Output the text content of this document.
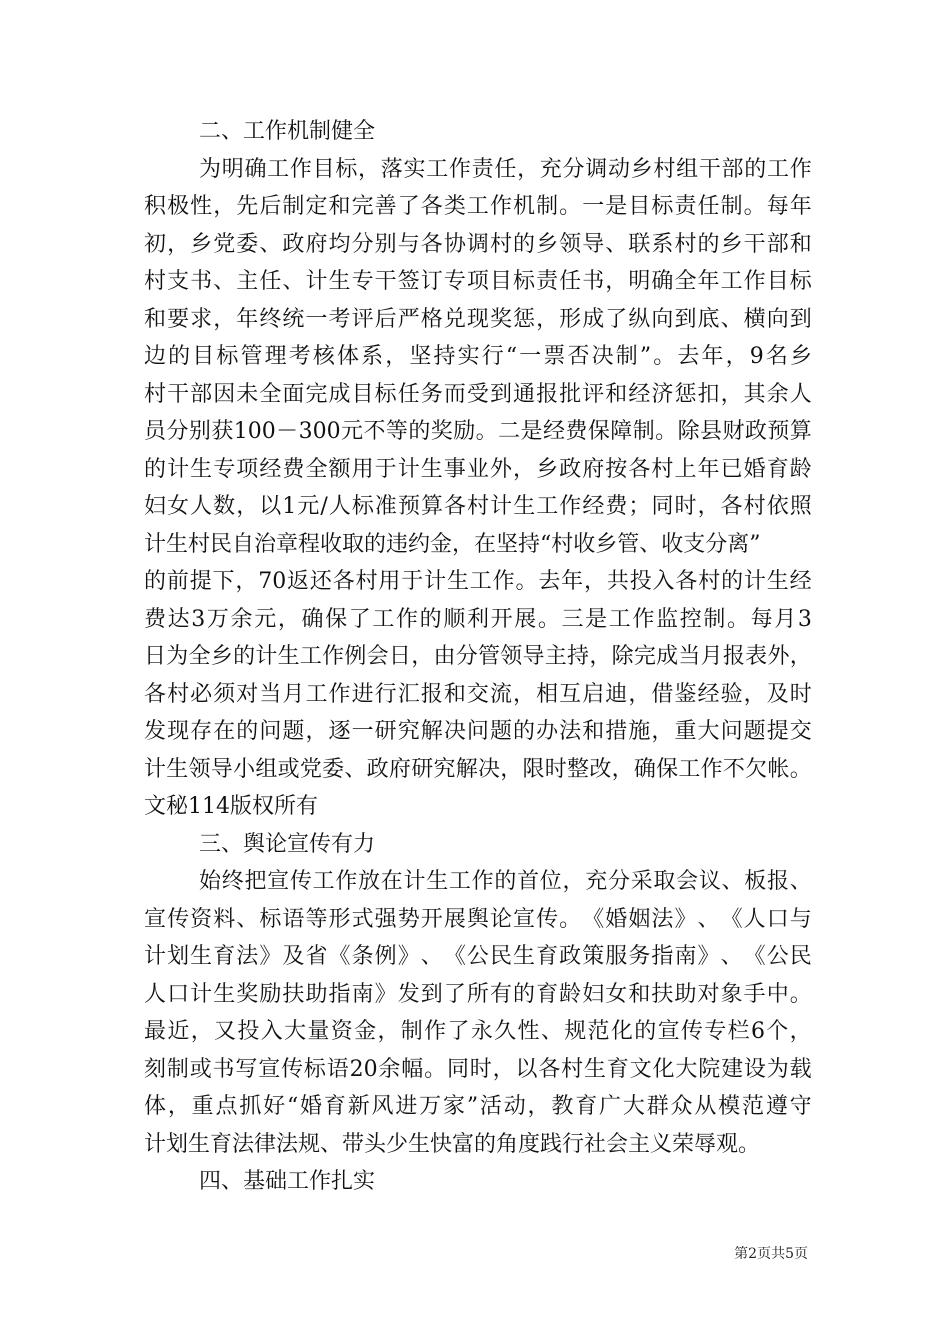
二、工作机制健全
为 明 确 工 作 目 标 ， 落 实 工 作 责 任 ， 充 分 调 动 乡 村 组 干 部 的 工 作
积 极 性 ， 先 后 制 定 和 完 善 了 各 类 工 作 机 制 。 一 是 目 标 责 任 制 。 每 年
初 ， 乡 党 委 、 政 府 均 分 别 与 各 协 调 村 的 乡 领 导 、 联 系 村 的 乡 干 部 和
村 支 书 、 主 任 、 计 生 专 干 签 订 专 项 目 标 责 任 书 ， 明 确 全 年 工 作 目 标
和 要 求 ， 年 终 统 一 考 评 后 严 格 兑 现 奖 惩 ， 形 成 了 纵 向 到 底 、 横 向 到
边 的 目 标 管 理 考 核 体 系 ， 坚 持 实 行 “ 一 票 否 决 制 ” 。 去 年 ， 9 名 乡
村 干 部 因 未 全 面 完 成 目 标 任 务 而 受 到 通 报 批 评 和 经 济 惩 扣 ， 其 余 人
员 分 别 获 100 － 300 元 不 等 的 奖 励 。 二 是 经 费 保 障 制 。 除 县 财 政 预 算
的 计 生 专 项 经 费 全 额 用 于 计 生 事 业 外 ， 乡 政 府 按 各 村 上 年 已 婚 育 龄
妇 女 人 数 ， 以 1 元 / 人 标 准 预 算 各 村 计 生 工 作 经 费 ； 同 时 ， 各 村 依 照
计生村民自治章程收取的违约金，在坚持“村收乡管、收支分离”
的 前 提 下 ， 70 返 还 各 村 用 于 计 生 工 作 。 去 年 ， 共 投 入 各 村 的 计 生 经
费 达 3 万 余 元 ， 确 保 了 工 作 的 顺 利 开 展 。 三 是 工 作 监 控 制 。 每 月 3
日 为 全 乡 的 计 生 工 作 例 会 日 ， 由 分 管 领 导 主 持 ， 除 完 成 当 月 报 表 外 ，
各 村 必 须 对 当 月 工 作 进 行 汇 报 和 交 流 ， 相 互 启 迪 ， 借 鉴 经 验 ， 及 时
发 现 存 在 的 问 题 ， 逐 一 研 究 解 决 问 题 的 办 法 和 措 施 ， 重 大 问 题 提 交
计 生 领 导 小 组 或 党 委 、 政 府 研 究 解 决 ， 限 时 整 改 ， 确 保 工 作 不 欠 帐 。
文秘114版权所有
三、舆论宣传有力
始 终 把 宣 传 工 作 放 在 计 生 工 作 的 首 位 ， 充 分 采 取 会 议 、 板 报 、
宣 传 资 料 、 标 语 等 形 式 强 势 开 展 舆 论 宣 传 。 《 婚 姻 法 》 、 《 人 口 与
计 划 生 育 法 》 及 省 《 条 例 》 、 《 公 民 生 育 政 策 服 务 指 南 》 、 《 公 民
人 口 计 生 奖 励 扶 助 指 南 》 发 到 了 所 有 的 育 龄 妇 女 和 扶 助 对 象 手 中 。
最 近 ， 又 投 入 大 量 资 金 ， 制 作 了 永 久 性 、 规 范 化 的 宣 传 专 栏 6 个 ，
刻 制 或 书 写 宣 传 标 语 20 余 幅 。 同 时 ， 以 各 村 生 育 文 化 大 院 建 设 为 载
体 ， 重 点 抓 好 “ 婚 育 新 风 进 万 家 ” 活 动 ， 教 育 广 大 群 众 从 模 范 遵 守
计划生育法律法规、带头少生快富的角度践行社会主义荣辱观。
四、基础工作扎实
第2页共5页
